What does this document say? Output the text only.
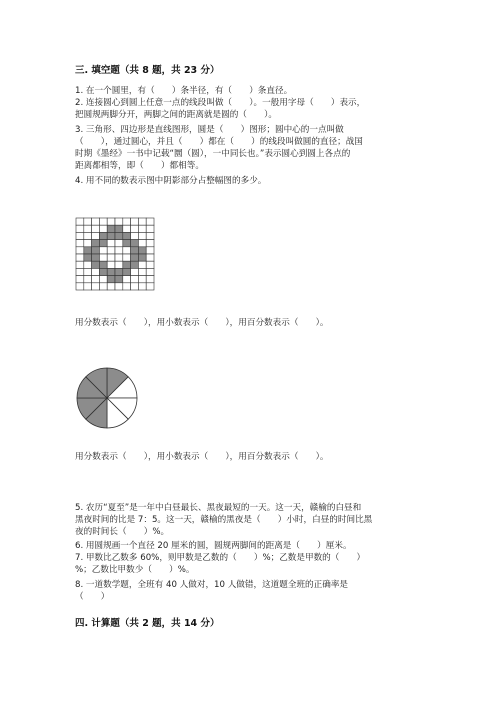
三. 填空题（共 8 题，共 23 分）
1. 在一个圆里，有（　　）条半径，有（　　）条直径。
2. 连接圆心到圆上任意一点的线段叫做（　　）。一般用字母（　　）表示，
把圆规两脚分开，两脚之间的距离就是圆的（　　）。
3. 三角形、四边形是直线图形，圆是（　　）图形；圆中心的一点叫做
（　　），通过圆心，并且（　　）都在（　　）的线段叫做圆的直径；战国
时期《墨经》一书中记载“圜（圆），一中同长也。”表示圆心到圆上各点的
距离都相等，即（　　）都相等。
4. 用不同的数表示图中阴影部分占整幅图的多少。
用分数表示（　　），用小数表示（　　），用百分数表示（　　）。
用分数表示（　　），用小数表示（　　），用百分数表示（　　）。
5. 农历“夏至”是一年中白昼最长、黑夜最短的一天。这一天，赣榆的白昼和
黑夜时间的比是 7：5。这一天，赣榆的黑夜是（　　）小时，白昼的时间比黑
夜的时间长（　　）%。
6. 用圆规画一个直径 20 厘米的圆，圆规两脚间的距离是（　　）厘米。
7. 甲数比乙数多 60%，则甲数是乙数的（　　）%；乙数是甲数的（　　）
%；乙数比甲数少（　　）%。
8. 一道数学题，全班有 40 人做对，10 人做错，这道题全班的正确率是
（　　）
四. 计算题（共 2 题，共 14 分）
